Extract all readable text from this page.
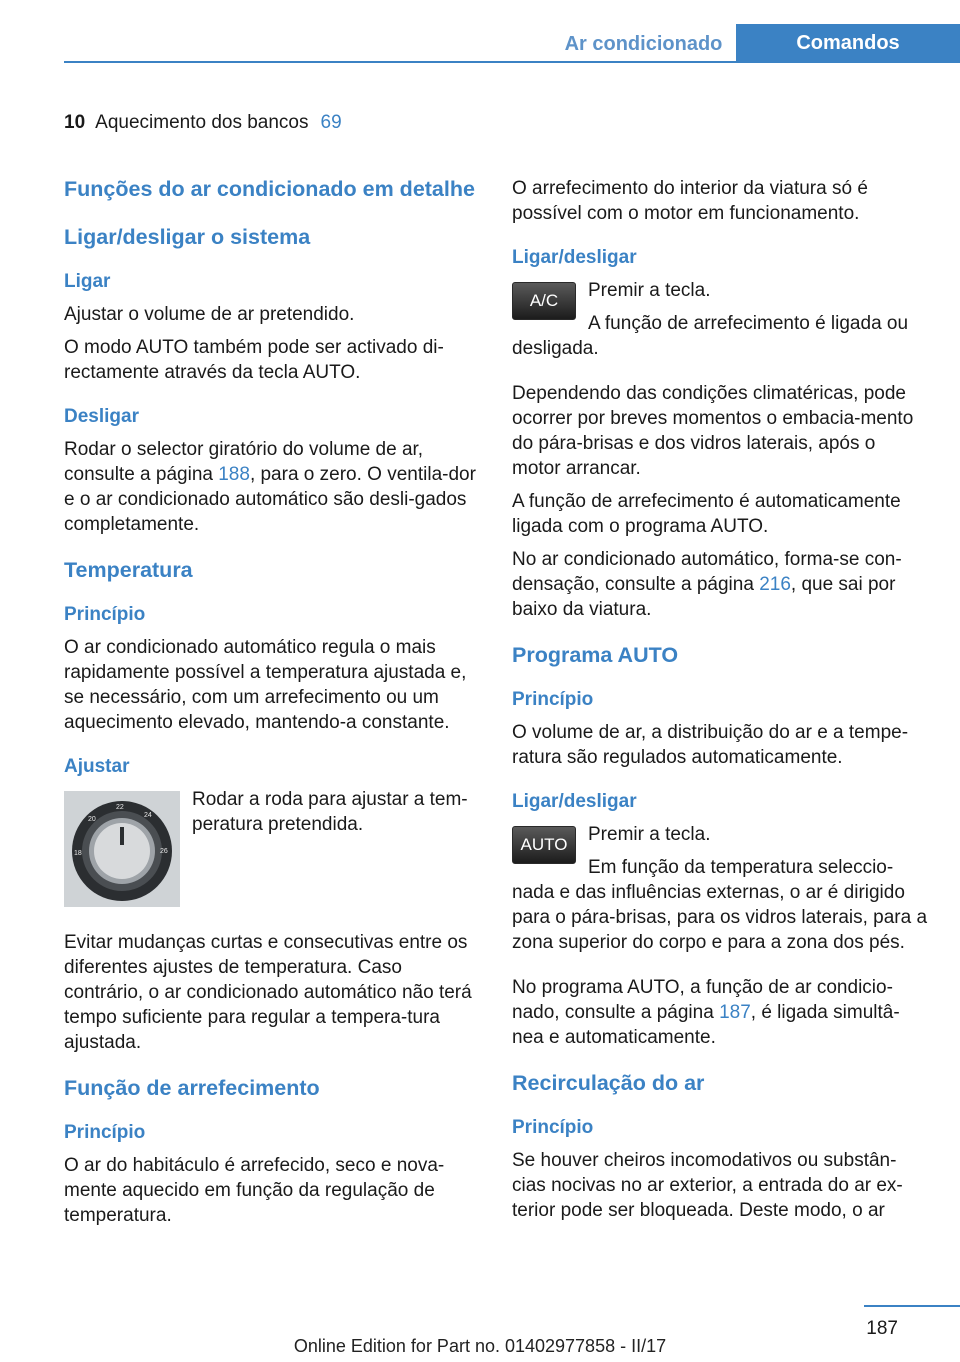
Ar condicionado	Comandos
10 Aquecimento dos bancos 69
Funções do ar condicionado em detalhe
Ligar/desligar o sistema
Ligar
Ajustar o volume de ar pretendido.
O modo AUTO também pode ser activado di‐rectamente através da tecla AUTO.
Desligar
Rodar o selector giratório do volume de ar, consulte a página 188, para o zero. O ventila‐dor e o ar condicionado automático são desli‐gados completamente.
Temperatura
Princípio
O ar condicionado automático regula o mais rapidamente possível a temperatura ajustada e, se necessário, com um arrefecimento ou um aquecimento elevado, mantendo-a constante.
Ajustar
22
24
26
20
18
Rodar a roda para ajustar a tem‐peratura pretendida.
Evitar mudanças curtas e consecutivas entre os diferentes ajustes de temperatura. Caso contrário, o ar condicionado automático não terá tempo suficiente para regular a tempera‐tura ajustada.
Função de arrefecimento
Princípio
O ar do habitáculo é arrefecido, seco e nova‐mente aquecido em função da regulação de temperatura.
O arrefecimento do interior da viatura só é possível com o motor em funcionamento.
Ligar/desligar
A/C	Premir a tecla.
A função de arrefecimento é ligada ou desligada.
Dependendo das condições climatéricas, pode ocorrer por breves momentos o embacia‐mento do pára-brisas e dos vidros laterais, após o motor arrancar.
A função de arrefecimento é automaticamente ligada com o programa AUTO.
No ar condicionado automático, forma-se con‐densação, consulte a página 216, que sai por baixo da viatura.
Programa AUTO
Princípio
O volume de ar, a distribuição do ar e a tempe‐ratura são regulados automaticamente.
Ligar/desligar
AUTO	Premir a tecla.
Em função da temperatura seleccio‐nada e das influências externas, o ar é dirigido para o pára-brisas, para os vidros laterais, para a zona superior do corpo e para a zona dos pés.
No programa AUTO, a função de ar condicio‐nado, consulte a página 187, é ligada simultâ‐nea e automaticamente.
Recirculação do ar
Princípio
Se houver cheiros incomodativos ou substân‐cias nocivas no ar exterior, a entrada do ar ex‐terior pode ser bloqueada. Deste modo, o ar
187
Online Edition for Part no. 01402977858 - II/17
